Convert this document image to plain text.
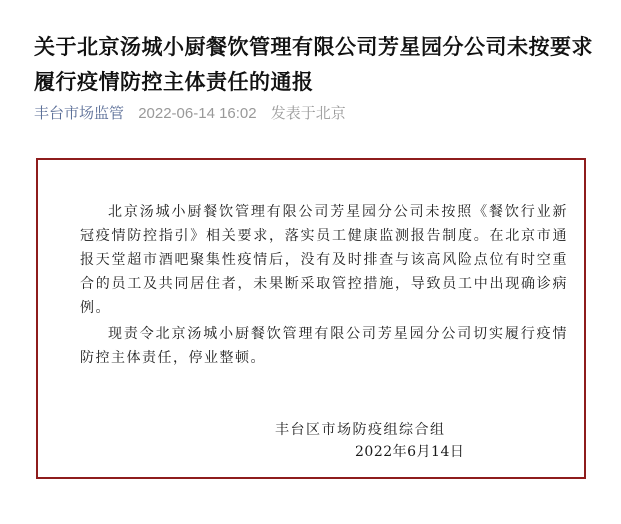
关于北京汤城小厨餐饮管理有限公司芳星园分公司未按要求履行疫情防控主体责任的通报
丰台市场监管 2022-06-14 16:02 发表于北京

北京汤城小厨餐饮管理有限公司芳星园分公司未按照《餐饮行业新冠疫情防控指引》相关要求，落实员工健康监测报告制度。在北京市通报天堂超市酒吧聚集性疫情后，没有及时排查与该高风险点位有时空重合的员工及共同居住者，未果断采取管控措施，导致员工中出现确诊病例。

现责令北京汤城小厨餐饮管理有限公司芳星园分公司切实履行疫情防控主体责任，停业整顿。

丰台区市场防疫组综合组
2022年6月14日
